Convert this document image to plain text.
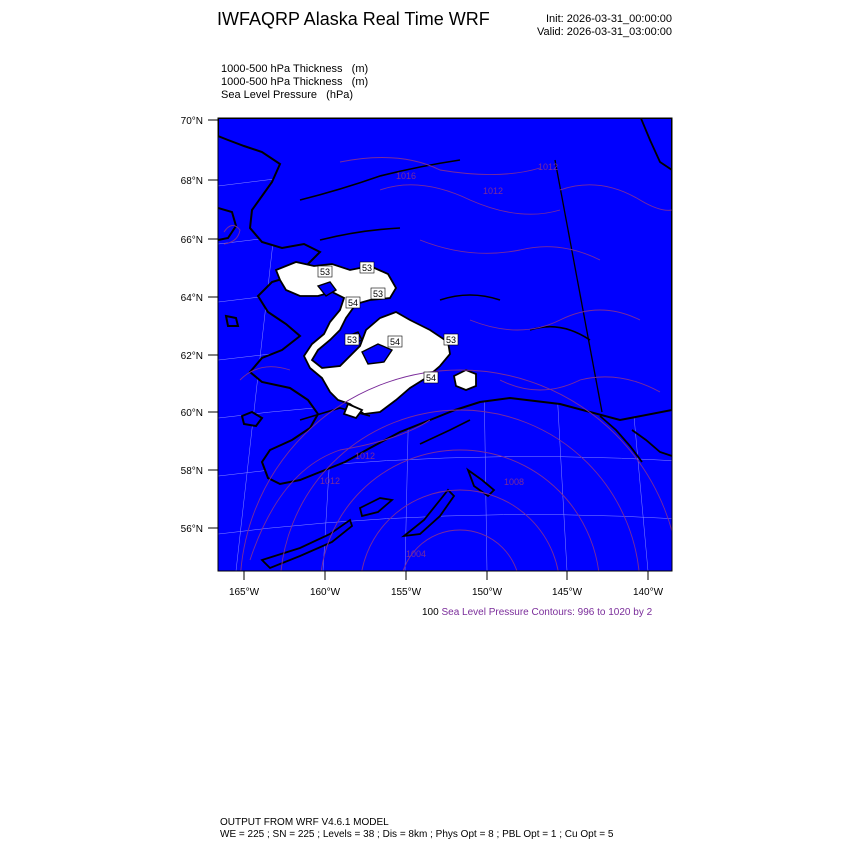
IWFAQRP Alaska Real Time WRF	Init: 2026-03-31_00:00:00
Valid: 2026-03-31_03:00:00
1000-500 hPa Thickness   (m)
1000-500 hPa Thickness   (m)
Sea Level Pressure   (hPa)
53
54
53
54
53	53
54
53
1016
1012
1012
1008
1012
1012
1004
70°N
68°N
66°N
64°N
62°N
60°N
58°N
56°N
165°W	160°W	155°W	150°W	145°W	140°W
100 Sea Level Pressure Contours: 996 to 1020 by 2
OUTPUT FROM WRF V4.6.1 MODEL
WE = 225 ; SN = 225 ; Levels = 38 ; Dis = 8km ; Phys Opt = 8 ; PBL Opt = 1 ; Cu Opt = 5
